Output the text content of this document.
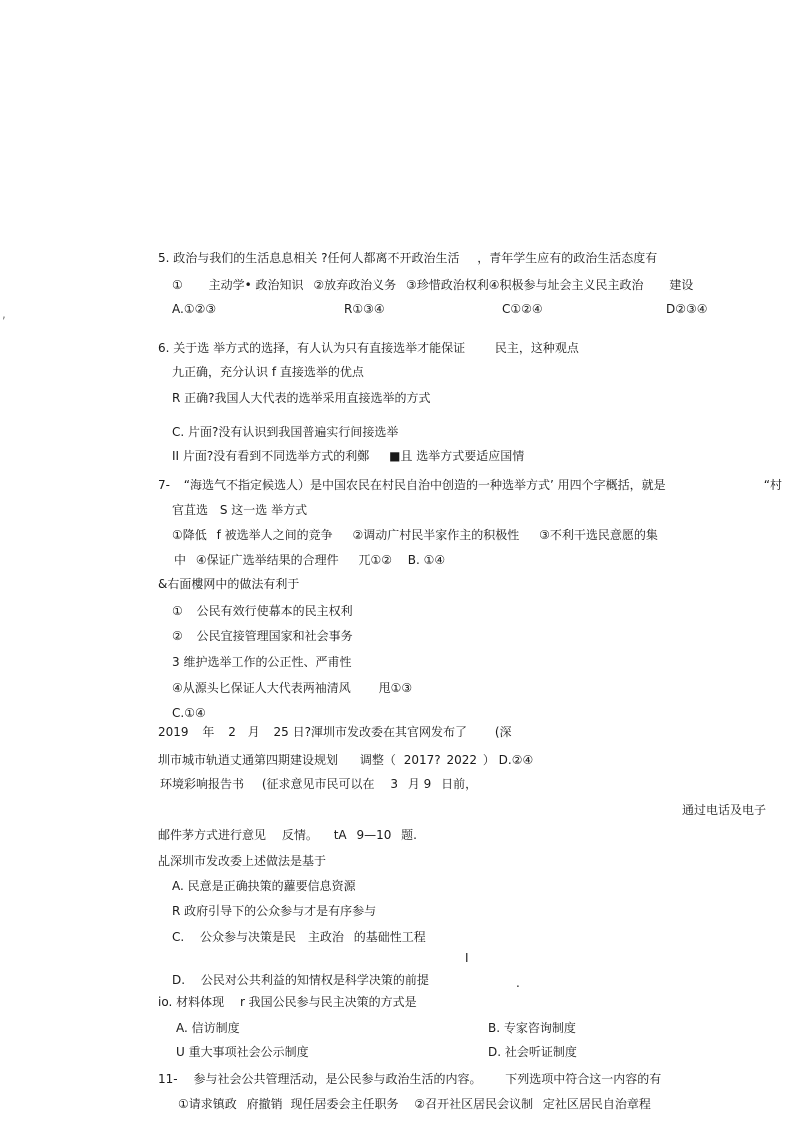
5. 政治与我们的生活息息相关 ?任何人都离不开政治生活 ，青年学生应有的政治生活态度有
① 主动学• 政治知识 ②放弃政治义务 ③珍惜政治权利④积极参与址会主义民主政治 建设
A.①②③	R①③④	C①②④	D②③④
6. 关于选 举方式的选择，有人认为只有直接选举才能保证 民主，这种观点
九正确，充分认识 f 直接选举的优点
R 正确?我国人大代表的选举采用直接选举的方式
C. 片面?没有认识到我国普遍实行间接选举
II 片面?没有看到不同选举方式的利鄭 ■且 选举方式要适应国情
7- “海选气不指定候选人）是中国农民在村民自治中创造的一种选举方式’ 用四个字概括，就是	“村
官苴选 S 这一选 举方式
①降低 f 被选举人之间的竞争 ②调动广村民半家作主的积极性 ③不利干选民意愿的集
中 ④保证广选举结果的合理件 兀①② B. ①④
&右面樓网中的做法有利于
① 公民有效行使幕本的民主权利
② 公民宜接管理国家和社会事务
3 维护选举工作的公正性、严甫性
④从源头匕保证人大代表两袖清风 甩①③
C.①④
2019 年 2 月 25 日?渾圳市发改委在其官网发布了 (深
圳市城市轨逍丈通第四期建设规划 调整（ 2017? 2022 ） D.②④
环境彩响报告书 (征求意见市民可以在 3 月 9 日前，
通过电话及电子
邮件茅方式进行意见 反情。 tA 9—10 题.
乩深圳市发改委上述做法是基于
A. 民意是正确抉策的蘿要信息资源
R 政府引导下的公众参与才是有序参与
C. 公众参与决策是民 主政治 的基础性工程
I
D. 公民对公共利益的知情权是科学决策的前提	.
io. 材料体现 r 我国公民参与民主决策的方式是
A. 信访制度	B. 专家咨询制度
U 重大事项社会公示制度	D. 社会听证制度
11- 参与社会公共管理活动，是公民参与政治生活的内容。 下列选项中符合这一内容的有
①请求镇政 府撤销 现任居委会主任职务 ②召开社区居民会议制 定社区居民自治章程
,
